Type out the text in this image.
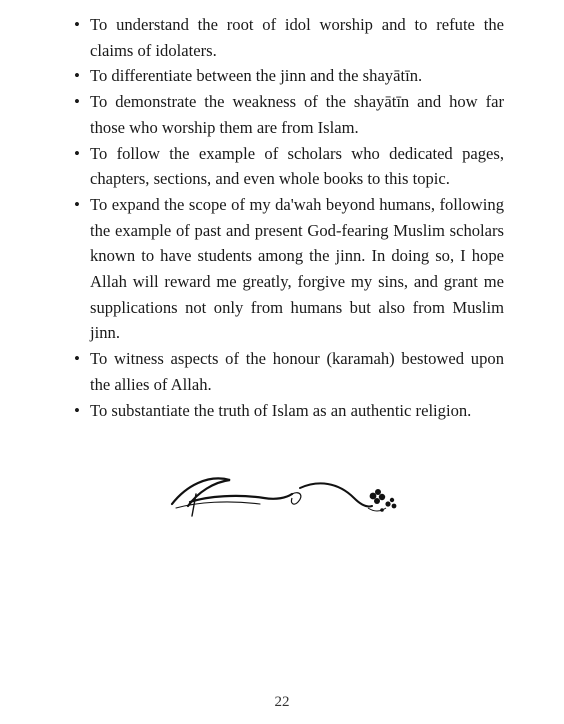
• To understand the root of idol worship and to refute the claims of idolaters.
• To differentiate between the jinn and the shayātīn.
• To demonstrate the weakness of the shayātīn and how far those who worship them are from Islam.
• To follow the example of scholars who dedicated pages, chapters, sections, and even whole books to this topic.
• To expand the scope of my da'wah beyond humans, following the example of past and present God-fearing Muslim scholars known to have students among the jinn. In doing so, I hope Allah will reward me greatly, forgive my sins, and grant me supplications not only from humans but also from Muslim jinn.
• To witness aspects of the honour (karamah) bestowed upon the allies of Allah.
• To substantiate the truth of Islam as an authentic religion.
22
